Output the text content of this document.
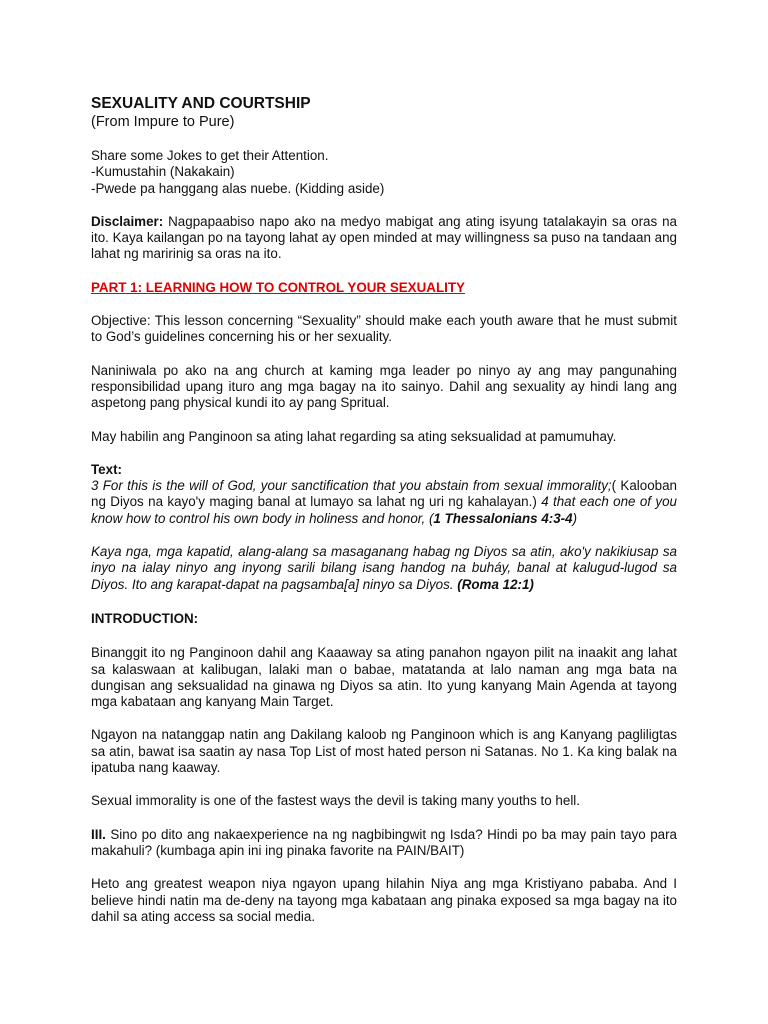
SEXUALITY AND COURTSHIP

(From Impure to Pure)

Share some Jokes to get their Attention.
-Kumustahin (Nakakain)
-Pwede pa hanggang alas nuebe. (Kidding aside)

Disclaimer: Nagpapaabiso napo ako na medyo mabigat ang ating isyung tatalakayin sa oras na ito. Kaya kailangan po na tayong lahat ay open minded at may willingness sa puso na tandaan ang lahat ng maririnig sa oras na ito.

PART 1: LEARNING HOW TO CONTROL YOUR SEXUALITY

Objective: This lesson concerning “Sexuality” should make each youth aware that he must submit to God’s guidelines concerning his or her sexuality.

Naniniwala po ako na ang church at kaming mga leader po ninyo ay ang may pangunahing responsibilidad upang ituro ang mga bagay na ito sainyo. Dahil ang sexuality ay hindi lang ang aspetong pang physical kundi ito ay pang Spritual.

May habilin ang Panginoon sa ating lahat regarding sa ating seksualidad at pamumuhay.

Text:

3 For this is the will of God, your sanctification that you abstain from sexual immorality;( Kalooban ng Diyos na kayo'y maging banal at lumayo sa lahat ng uri ng kahalayan.) 4 that each one of you know how to control his own body in holiness and honor, (1 Thessalonians 4:3-4)

Kaya nga, mga kapatid, alang-alang sa masaganang habag ng Diyos sa atin, ako'y nakikiusap sa inyo na ialay ninyo ang inyong sarili bilang isang handog na buháy, banal at kalugud-lugod sa Diyos. Ito ang karapat-dapat na pagsamba[a] ninyo sa Diyos. (Roma 12:1)

INTRODUCTION:

Binanggit ito ng Panginoon dahil ang Kaaaway sa ating panahon ngayon pilit na inaakit ang lahat sa kalaswaan at kalibugan, lalaki man o babae, matatanda at lalo naman ang mga bata na dungisan ang seksualidad na ginawa ng Diyos sa atin. Ito yung kanyang Main Agenda at tayong mga kabataan ang kanyang Main Target.

Ngayon na natanggap natin ang Dakilang kaloob ng Panginoon which is ang Kanyang pagliligtas sa atin, bawat isa saatin ay nasa Top List of most hated person ni Satanas. No 1. Ka king balak na ipatuba nang kaaway.

Sexual immorality is one of the fastest ways the devil is taking many youths to hell.

III. Sino po dito ang nakaexperience na ng nagbibingwit ng Isda? Hindi po ba may pain tayo para makahuli? (kumbaga apin ini ing pinaka favorite na PAIN/BAIT)

Heto ang greatest weapon niya ngayon upang hilahin Niya ang mga Kristiyano pababa. And I believe hindi natin ma de-deny na tayong mga kabataan ang pinaka exposed sa mga bagay na ito dahil sa ating access sa social media.
